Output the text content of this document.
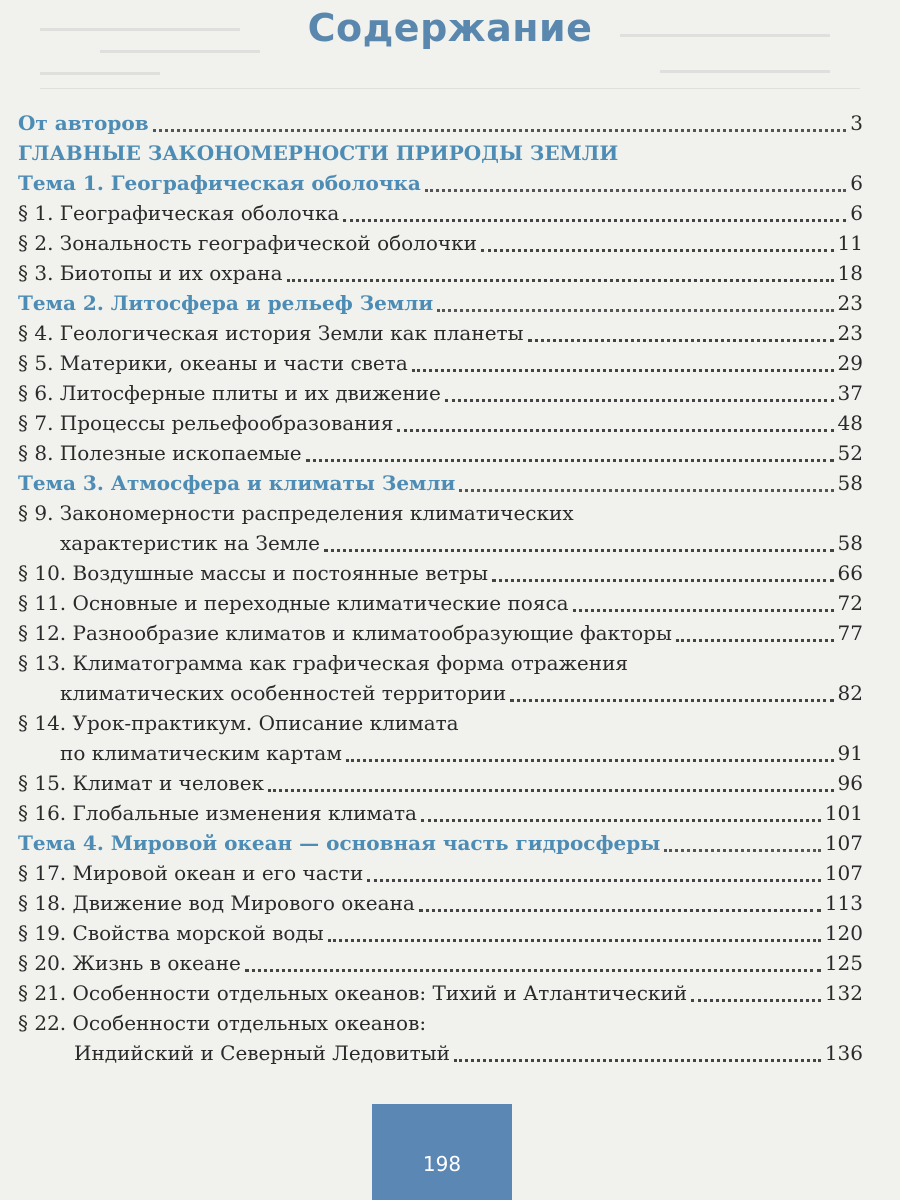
Содержание
От авторов	3
ГЛАВНЫЕ ЗАКОНОМЕРНОСТИ ПРИРОДЫ ЗЕМЛИ
Тема 1. Географическая оболочка	6
§ 1. Географическая оболочка	6
§ 2. Зональность географической оболочки	11
§ 3. Биотопы и их охрана	18
Тема 2. Литосфера и рельеф Земли	23
§ 4. Геологическая история Земли как планеты	23
§ 5. Материки, океаны и части света	29
§ 6. Литосферные плиты и их движение	37
§ 7. Процессы рельефообразования	48
§ 8. Полезные ископаемые	52
Тема 3. Атмосфера и климаты Земли	58
§ 9. Закономерности распределения климатических
характеристик на Земле	58
§ 10. Воздушные массы и постоянные ветры	66
§ 11. Основные и переходные климатические пояса	72
§ 12. Разнообразие климатов и климатообразующие факторы	77
§ 13. Климатограмма как графическая форма отражения
климатических особенностей территории	82
§ 14. Урок-практикум. Описание климата
по климатическим картам	91
§ 15. Климат и человек	96
§ 16. Глобальные изменения климата	101
Тема 4. Мировой океан — основная часть гидросферы	107
§ 17. Мировой океан и его части	107
§ 18. Движение вод Мирового океана	113
§ 19. Свойства морской воды	120
§ 20. Жизнь в океане	125
§ 21. Особенности отдельных океанов: Тихий и Атлантический	132
§ 22. Особенности отдельных океанов:
Индийский и Северный Ледовитый	136
198
